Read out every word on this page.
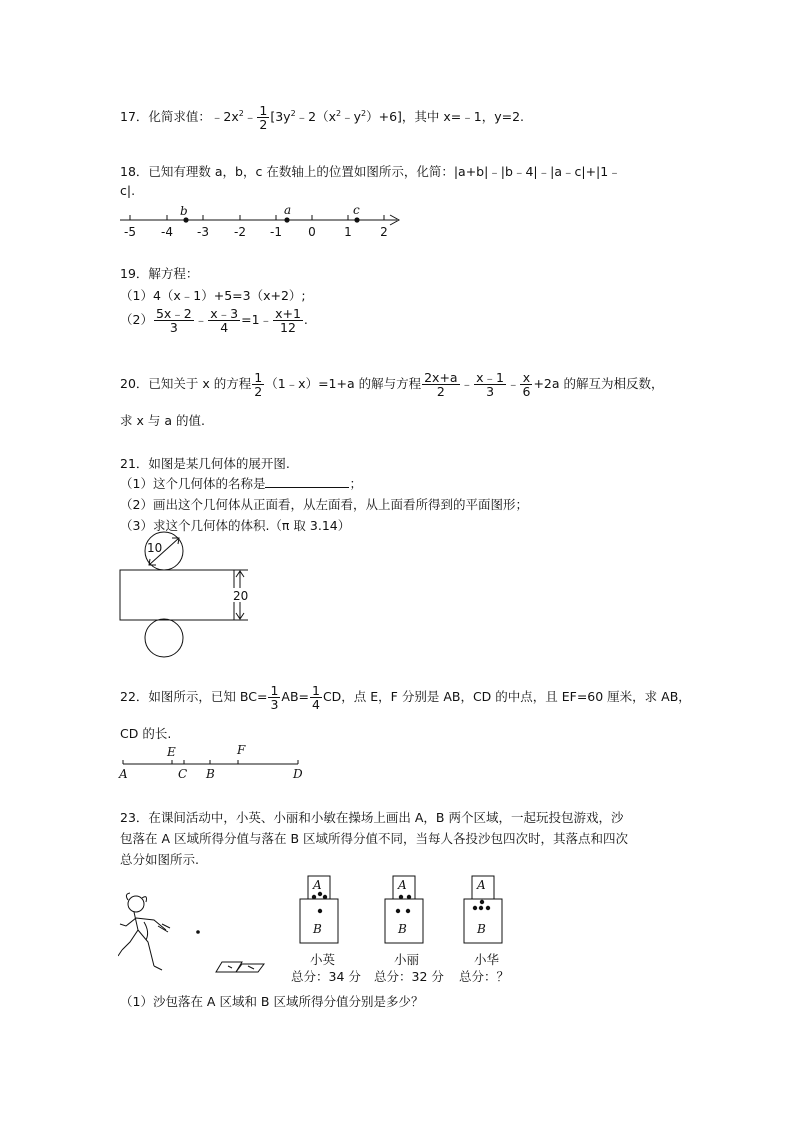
17．化简求值：$﹣2x^2﹣ \frac{1}{2}$ $[3y^2﹣2(x^2﹣y^2)+6]$，其中 x=﹣1，y=2.
18．已知有理数 a，b，c 在数轴上的位置如图所示，化简：|a+b|﹣|b﹣4|﹣|a﹣c|+|1﹣
c|.
-5 -4 -3 -2 -1 0 1 2
b	a	c
19．解方程：
（1）4（x﹣1）+5=3（x+2）;
$(2) \frac{5x﹣2}{3}$ ﹣ $\frac{x﹣3}{4}$ =1﹣ $\frac{x+1}{12}$ .
20．已知关于 x 的方程 $\frac{1}{2}$ （1﹣x）=1+a 的解与方程 $\frac{2x+a}{2}$ ﹣ $\frac{x﹣1}{3}$ ﹣ $\frac{x}{6} +2a$ 的解互为相反数，
求 x 与 a 的值.
21．如图是某几何体的展开图.
（1）这个几何体的名称是	；
（2）画出这个几何体从正面看，从左面看，从上面看所得到的平面图形；
（3）求这个几何体的体积.（π 取 3.14）
10
20
22．如图所示，已知 $BC= \frac{1}{3} AB= \frac{1}{4}$ CD，点 E，F 分别是 AB，CD 的中点，且 EF=60 厘米，求 AB，
CD 的长.
E	F
A	C B	D
23．在课间活动中，小英、小丽和小敏在操场上画出 A，B 两个区域，一起玩投包游戏，沙
包落在 A 区域所得分值与落在 B 区域所得分值不同，当每人各投沙包四次时，其落点和四次
总分如图所示.
A
B
小英
总分：34 分
A
B
小丽
总分：32 分
A
B
小华
总分：？
（1）沙包落在 A 区域和 B 区域所得分值分别是多少？
